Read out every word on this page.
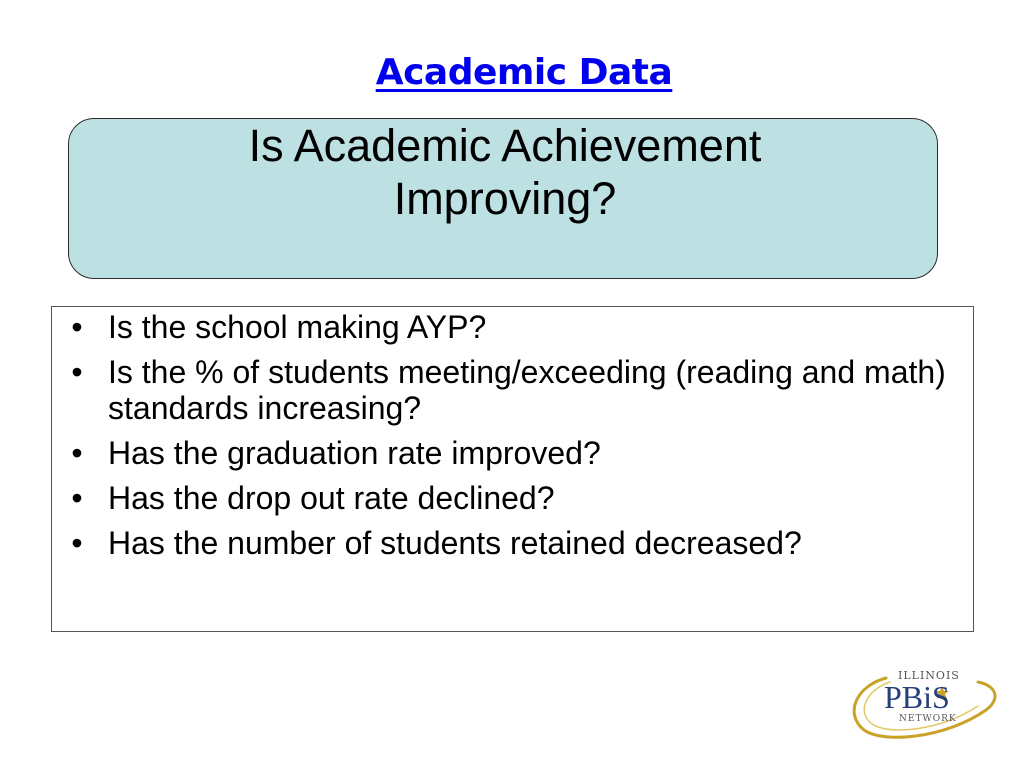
Academic Data
Is Academic Achievement
Improving?
• Is the school making AYP?
• Is the % of students meeting/exceeding (reading and math) standards increasing?
• Has the graduation rate improved?
• Has the drop out rate declined?
• Has the number of students retained decreased?
ILLINOIS
PBiS
NETWORK
